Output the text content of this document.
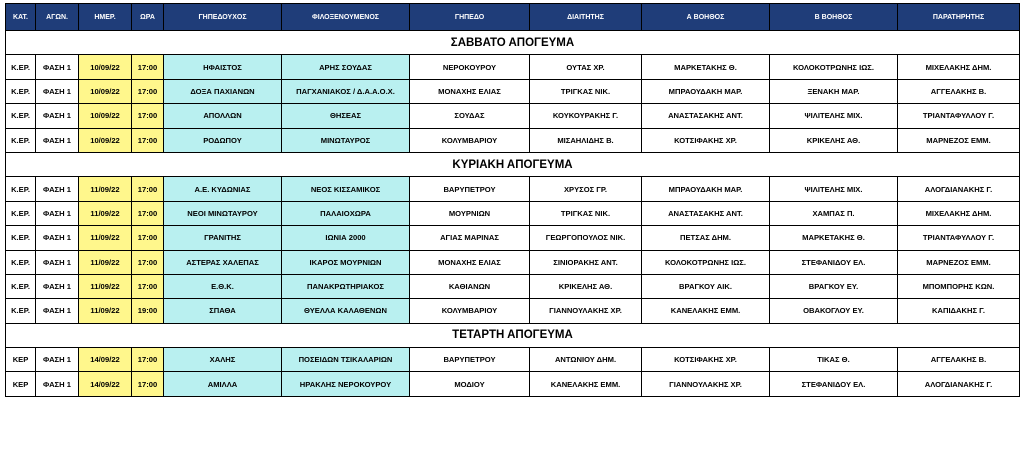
ΚΑΤ.	ΑΓΩΝ.	ΗΜΕΡ.	ΩΡΑ	ΓΗΠΕΔΟΥΧΟΣ	ΦΙΛΟΞΕΝΟΥΜΕΝΟΣ	ΓΗΠΕΔΟ	ΔΙΑΙΤΗΤΗΣ	Α ΒΟΗΘΟΣ	Β ΒΟΗΘΟΣ	ΠΑΡΑΤΗΡΗΤΗΣ
ΣΑΒΒΑΤΟ ΑΠΟΓΕΥΜΑ										
Κ.ΕΡ.	ΦΑΣΗ 1	10/09/22	17:00	ΗΦΑΙΣΤΟΣ	ΑΡΗΣ ΣΟΥΔΑΣ	ΝΕΡΟΚΟΥΡΟΥ	ΟΥΤΑΣ ΧΡ.	ΜΑΡΚΕΤΑΚΗΣ Θ.	ΚΟΛΟΚΟΤΡΩΝΗΣ ΙΩΣ.	ΜΙΧΕΛΑΚΗΣ ΔΗΜ.
Κ.ΕΡ.	ΦΑΣΗ 1	10/09/22	17:00	ΔΟΞΑ ΠΑΧΙΑΝΩΝ	ΠΑΓΧΑΝΙΑΚΟΣ / Δ.Α.Α.Ο.Χ.	ΜΟΝΑΧΗΣ ΕΛΙΑΣ	ΤΡΙΓΚΑΣ ΝΙΚ.	ΜΠΡΑΟΥΔΑΚΗ ΜΑΡ.	ΞΕΝΑΚΗ ΜΑΡ.	ΑΓΓΕΛΑΚΗΣ Β.
Κ.ΕΡ.	ΦΑΣΗ 1	10/09/22	17:00	ΑΠΟΛΛΩΝ	ΘΗΣΕΑΣ	ΣΟΥΔΑΣ	ΚΟΥΚΟΥΡΑΚΗΣ Γ.	ΑΝΑΣΤΑΣΑΚΗΣ ΑΝΤ.	ΨΙΛΙΤΕΛΗΣ ΜΙΧ.	ΤΡΙΑΝΤΑΦΥΛΛΟΥ Γ.
Κ.ΕΡ.	ΦΑΣΗ 1	10/09/22	17:00	ΡΟΔΩΠΟΥ	ΜΙΝΩΤΑΥΡΟΣ	ΚΟΛΥΜΒΑΡΙΟΥ	ΜΙΣΑΗΛΙΔΗΣ Β.	ΚΟΤΣΙΦΑΚΗΣ ΧΡ.	ΚΡΙΚΕΛΗΣ ΑΘ.	ΜΑΡΝΕΖΟΣ ΕΜΜ.
ΚΥΡΙΑΚΗ ΑΠΟΓΕΥΜΑ										
Κ.ΕΡ.	ΦΑΣΗ 1	11/09/22	17:00	Α.Ε. ΚΥΔΩΝΙΑΣ	ΝΕΟΣ ΚΙΣΣΑΜΙΚΟΣ	ΒΑΡΥΠΕΤΡΟΥ	ΧΡΥΣΟΣ ΓΡ.	ΜΠΡΑΟΥΔΑΚΗ ΜΑΡ.	ΨΙΛΙΤΕΛΗΣ ΜΙΧ.	ΑΛΟΓΔΙΑΝΑΚΗΣ Γ.
Κ.ΕΡ.	ΦΑΣΗ 1	11/09/22	17:00	ΝΕΟΙ ΜΙΝΩΤΑΥΡΟΥ	ΠΑΛΑΙΟΧΩΡΑ	ΜΟΥΡΝΙΩΝ	ΤΡΙΓΚΑΣ ΝΙΚ.	ΑΝΑΣΤΑΣΑΚΗΣ ΑΝΤ.	ΧΑΜΠΑΣ Π.	ΜΙΧΕΛΑΚΗΣ ΔΗΜ.
Κ.ΕΡ.	ΦΑΣΗ 1	11/09/22	17:00	ΓΡΑΝΙΤΗΣ	ΙΩΝΙΑ 2000	ΑΓΙΑΣ ΜΑΡΙΝΑΣ	ΓΕΩΡΓΟΠΟΥΛΟΣ ΝΙΚ.	ΠΕΤΣΑΣ ΔΗΜ.	ΜΑΡΚΕΤΑΚΗΣ Θ.	ΤΡΙΑΝΤΑΦΥΛΛΟΥ Γ.
Κ.ΕΡ.	ΦΑΣΗ 1	11/09/22	17:00	ΑΣΤΕΡΑΣ ΧΑΛΕΠΑΣ	ΙΚΑΡΟΣ ΜΟΥΡΝΙΩΝ	ΜΟΝΑΧΗΣ ΕΛΙΑΣ	ΣΙΝΙΟΡΑΚΗΣ ΑΝΤ.	ΚΟΛΟΚΟΤΡΩΝΗΣ ΙΩΣ.	ΣΤΕΦΑΝΙΔΟΥ ΕΛ.	ΜΑΡΝΕΖΟΣ ΕΜΜ.
Κ.ΕΡ.	ΦΑΣΗ 1	11/09/22	17:00	Ε.Θ.Κ.	ΠΑΝΑΚΡΩΤΗΡΙΑΚΟΣ	ΚΑΘΙΑΝΩΝ	ΚΡΙΚΕΛΗΣ ΑΘ.	ΒΡΑΓΚΟΥ ΑΙΚ.	ΒΡΑΓΚΟΥ ΕΥ.	ΜΠΟΜΠΟΡΗΣ ΚΩΝ.
Κ.ΕΡ.	ΦΑΣΗ 1	11/09/22	19:00	ΣΠΑΘΑ	ΘΥΕΛΛΑ ΚΑΛΑΘΕΝΩΝ	ΚΟΛΥΜΒΑΡΙΟΥ	ΓΙΑΝΝΟΥΛΑΚΗΣ ΧΡ.	ΚΑΝΕΛΑΚΗΣ ΕΜΜ.	ΟΒΑΚΟΓΛΟΥ ΕΥ.	ΚΑΠΙΔΑΚΗΣ Γ.
ΤΕΤΑΡΤΗ ΑΠΟΓΕΥΜΑ										
ΚΕΡ	ΦΑΣΗ 1	14/09/22	17:00	ΧΑΛΗΣ	ΠΟΣΕΙΔΩΝ ΤΣΙΚΑΛΑΡΙΩΝ	ΒΑΡΥΠΕΤΡΟΥ	ΑΝΤΩΝΙΟΥ ΔΗΜ.	ΚΟΤΣΙΦΑΚΗΣ ΧΡ.	ΤΙΚΑΣ Θ.	ΑΓΓΕΛΑΚΗΣ Β.
ΚΕΡ	ΦΑΣΗ 1	14/09/22	17:00	ΑΜΙΛΛΑ	ΗΡΑΚΛΗΣ ΝΕΡΟΚΟΥΡΟΥ	ΜΟΔΙΟΥ	ΚΑΝΕΛΑΚΗΣ ΕΜΜ.	ΓΙΑΝΝΟΥΛΑΚΗΣ ΧΡ.	ΣΤΕΦΑΝΙΔΟΥ ΕΛ.	ΑΛΟΓΔΙΑΝΑΚΗΣ Γ.
